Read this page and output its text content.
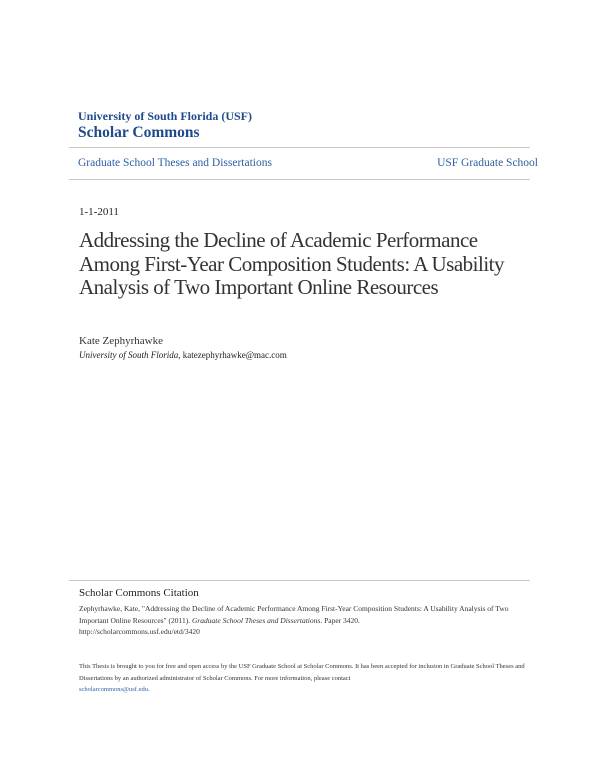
University of South Florida (USF)
Scholar Commons
Graduate School Theses and Dissertations	USF Graduate School
1-1-2011
Addressing the Decline of Academic Performance Among First-Year Composition Students: A Usability Analysis of Two Important Online Resources
Kate Zephyrhawke
University of South Florida, katezephyrhawke@mac.com
Scholar Commons Citation
Zephyrhawke, Kate, "Addressing the Decline of Academic Performance Among First-Year Composition Students: A Usability Analysis of Two Important Online Resources" (2011). Graduate School Theses and Dissertations. Paper 3420.
http://scholarcommons.usf.edu/etd/3420
This Thesis is brought to you for free and open access by the USF Graduate School at Scholar Commons. It has been accepted for inclusion in Graduate School Theses and Dissertations by an authorized administrator of Scholar Commons. For more information, please contact
scholarcommons@usf.edu.
